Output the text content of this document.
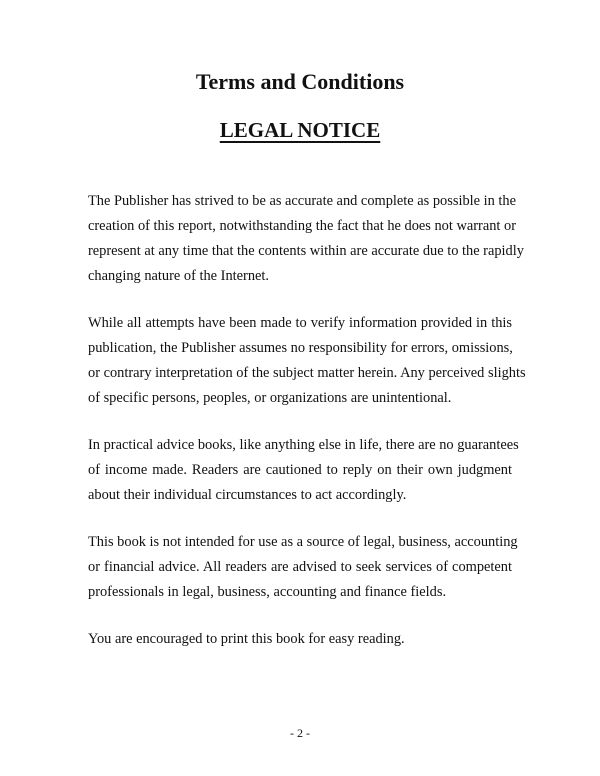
Terms and Conditions
LEGAL NOTICE

The Publisher has strived to be as accurate and complete as possible in the
creation of this report, notwithstanding the fact that he does not warrant or
represent at any time that the contents within are accurate due to the rapidly
changing nature of the Internet.

While all attempts have been made to verify information provided in this
publication, the Publisher assumes no responsibility for errors, omissions,
or contrary interpretation of the subject matter herein. Any perceived slights
of specific persons, peoples, or organizations are unintentional.

In practical advice books, like anything else in life, there are no guarantees
of income made. Readers are cautioned to reply on their own judgment
about their individual circumstances to act accordingly.

This book is not intended for use as a source of legal, business, accounting
or financial advice. All readers are advised to seek services of competent
professionals in legal, business, accounting and finance fields.

You are encouraged to print this book for easy reading.

- 2 -
